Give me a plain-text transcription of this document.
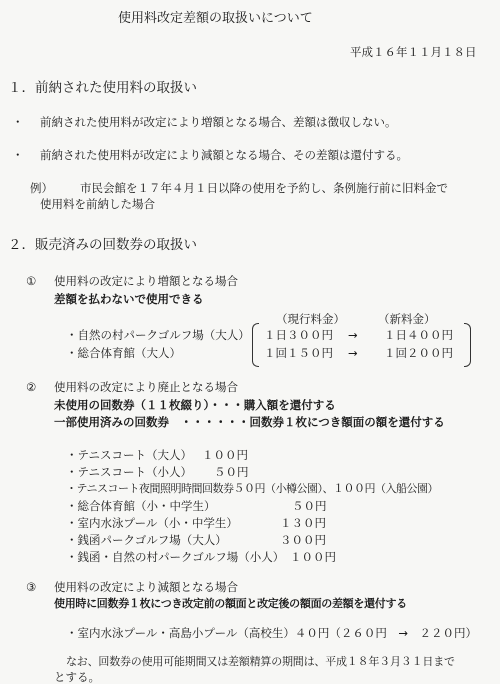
使用料改定差額の取扱いについて
平成１６年１１月１８日
１．前納された使用料の取扱い
・ 前納された使用料が改定により増額となる場合、差額は徴収しない。
・ 前納された使用料が改定により減額となる場合、その差額は還付する。
例） 市民会館を１７年４月１日以降の使用を予約し、条例施行前に旧料金で
使用料を前納した場合
２．販売済みの回数券の取扱い
① 使用料の改定により増額となる場合
差額を払わないで使用できる
（現行料金）	（新料金）
・自然の村パークゴルフ場（大人） １日３００円 → １日４００円
・総合体育館（大人）	１回１５０円 → １回２００円
② 使用料の改定により廃止となる場合
未使用の回数券（１１枚綴り）・・・購入額を還付する
一部使用済みの回数券　・・・・・・回数券１枚につき額面の額を還付する
・テニスコート（大人） １００円
・テニスコート（小人） ５０円
・テニスコート夜間照明時間回数券５０円（小樽公園）、１００円（入船公園）
・総合体育館（小・中学生）	５０円
・室内水泳プール（小・中学生）	１３０円
・銭函パークゴルフ場（大人）	３００円
・銭函・自然の村パークゴルフ場（小人） １００円
③ 使用料の改定により減額となる場合
使用時に回数券１枚につき改定前の額面と改定後の額面の差額を還付する
・室内水泳プール・高島小プール（高校生）４０円（２６０円　→　２２０円）
なお、回数券の使用可能期間又は差額精算の期間は、平成１８年３月３１日まで
とする。
